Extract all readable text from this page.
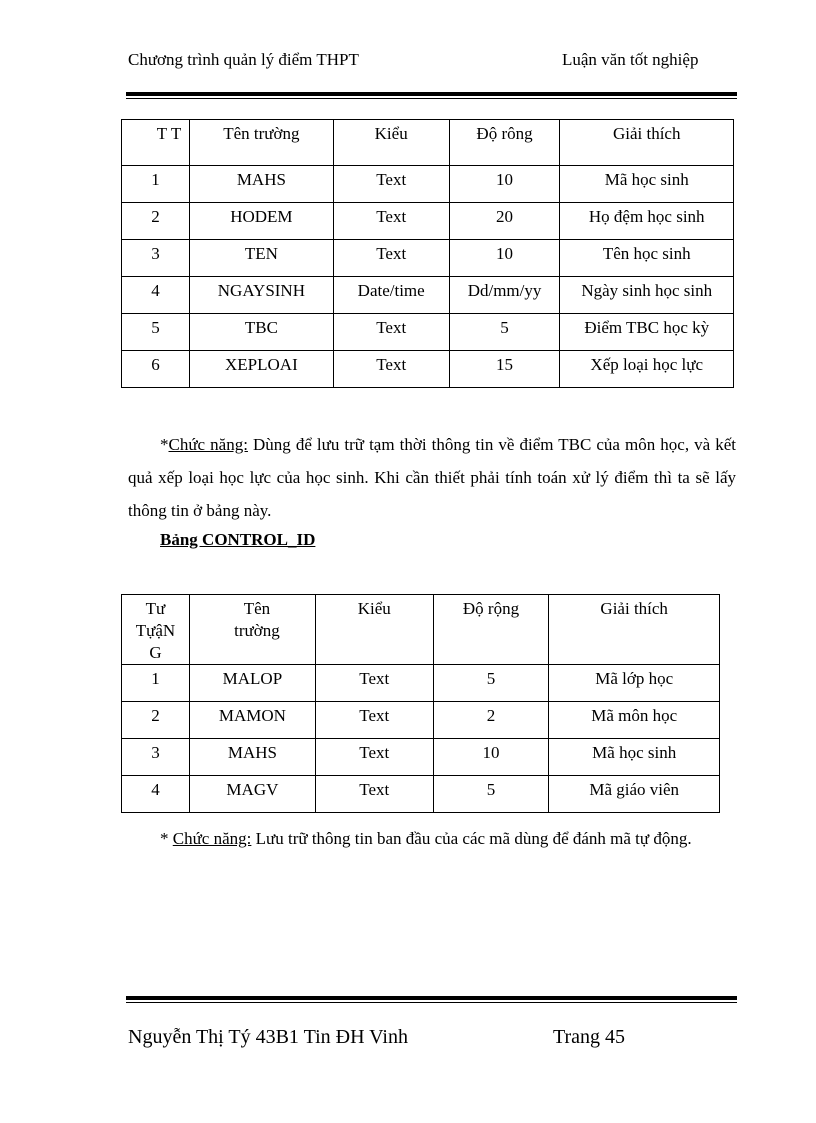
Chương trình quản lý điểm THPT	Luận văn tốt nghiệp
T T	Tên trường	Kiểu	Độ rông	Giải thích
1	MAHS	Text	10	Mã học sinh
2	HODEM	Text	20	Họ đệm học sinh
3	TEN	Text	10	Tên học sinh
4	NGAYSINH	Date/time	Dd/mm/yy	Ngày sinh học sinh
5	TBC	Text	5	Điểm TBC học kỳ
6	XEPLOAI	Text	15	Xếp loại học lực
*Chức năng: Dùng để lưu trữ tạm thời thông tin về điểm TBC của môn học, và kết quả xếp loại học lực của học sinh. Khi cần thiết phải tính toán xử lý điểm thì ta sẽ lấy thông tin ở bảng này.
Bảng CONTROL_ID
Tư TựậN G	Tên trường	Kiểu	Độ rộng	Giải thích
1	MALOP	Text	5	Mã lớp học
2	MAMON	Text	2	Mã môn học
3	MAHS	Text	10	Mã học sinh
4	MAGV	Text	5	Mã giáo viên
* Chức năng: Lưu trữ thông tin ban đầu của các mã dùng để đánh mã tự động.
Nguyễn Thị Tý 43B1 Tin ĐH Vinh	Trang 45
